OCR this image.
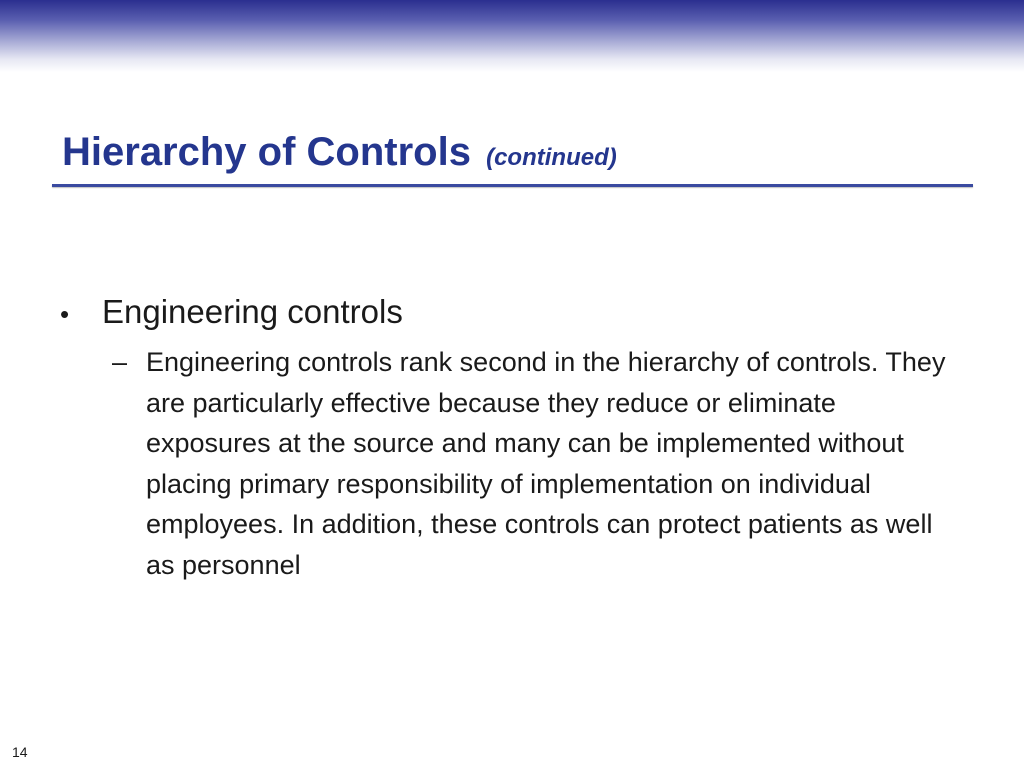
Hierarchy of Controls (continued)
• Engineering controls
– Engineering controls rank second in the hierarchy of controls. They are particularly effective because they reduce or eliminate exposures at the source and many can be implemented without placing primary responsibility of implementation on individual employees. In addition, these controls can protect patients as well as personnel
14
